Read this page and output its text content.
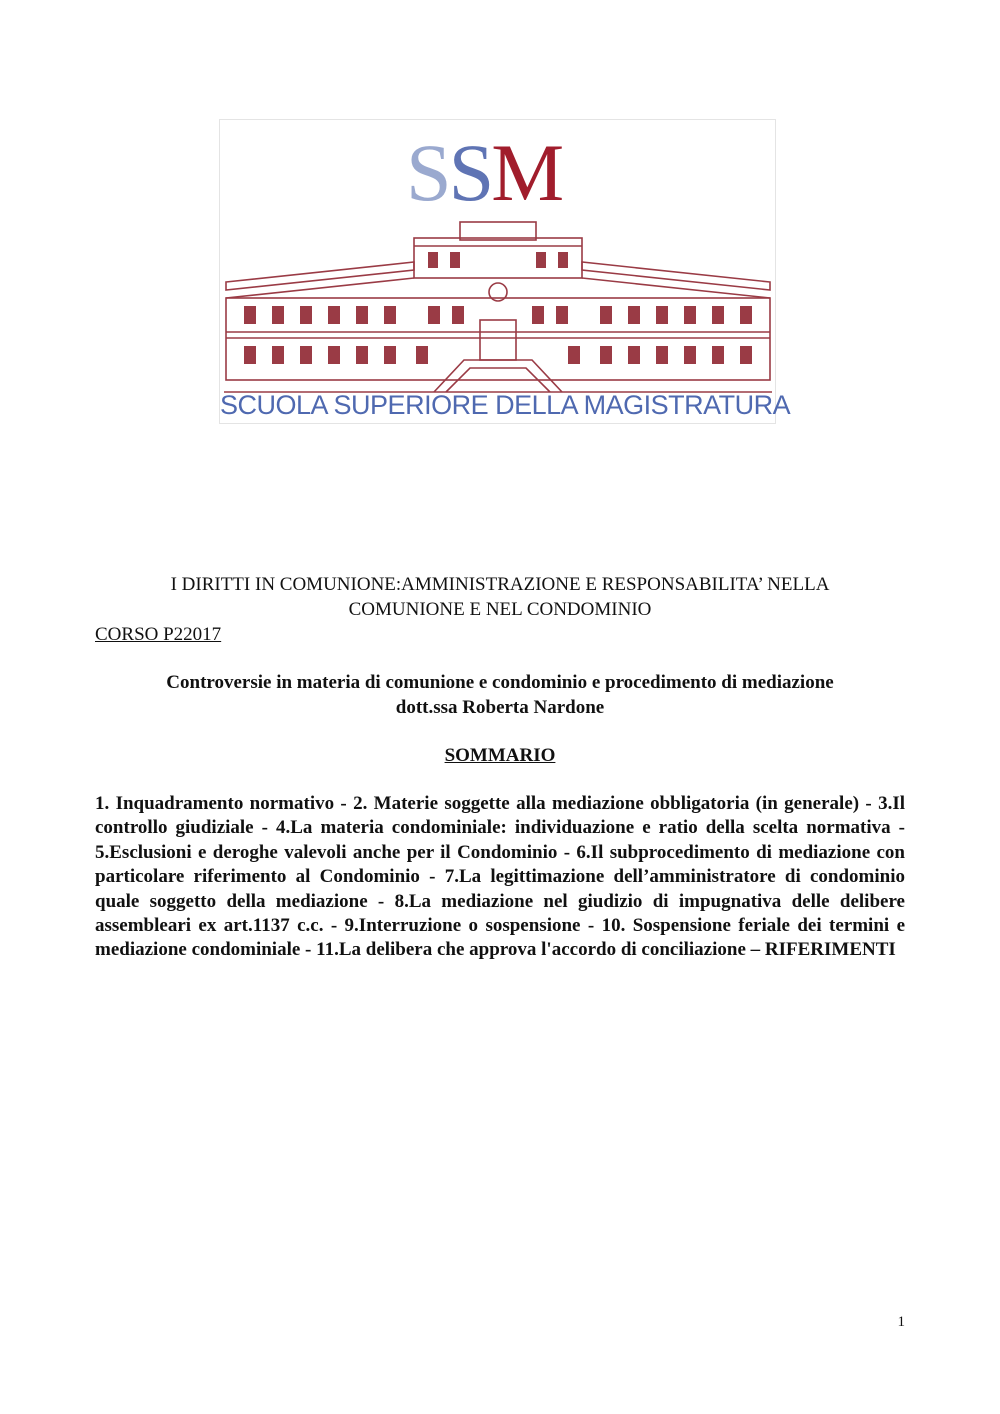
SSM
SCUOLA SUPERIORE DELLA MAGISTRATURA
I DIRITTI IN COMUNIONE:AMMINISTRAZIONE E RESPONSABILITA’ NELLA
COMUNIONE E NEL CONDOMINIO
CORSO P22017
Controversie in materia di comunione e condominio e procedimento di mediazione
dott.ssa Roberta Nardone
SOMMARIO
1. Inquadramento normativo - 2. Materie soggette alla mediazione obbligatoria (in generale) - 3.Il controllo giudiziale - 4.La materia condominiale: individuazione e ratio della scelta normativa - 5.Esclusioni e deroghe valevoli anche per il Condominio - 6.Il subprocedimento di mediazione con particolare riferimento al Condominio - 7.La legittimazione dell’amministratore di condominio quale soggetto della mediazione - 8.La mediazione nel giudizio di impugnativa delle delibere assembleari ex art.1137 c.c. - 9.Interruzione o sospensione - 10. Sospensione feriale dei termini e mediazione condominiale - 11.La delibera che approva l'accordo di conciliazione – RIFERIMENTI
1
